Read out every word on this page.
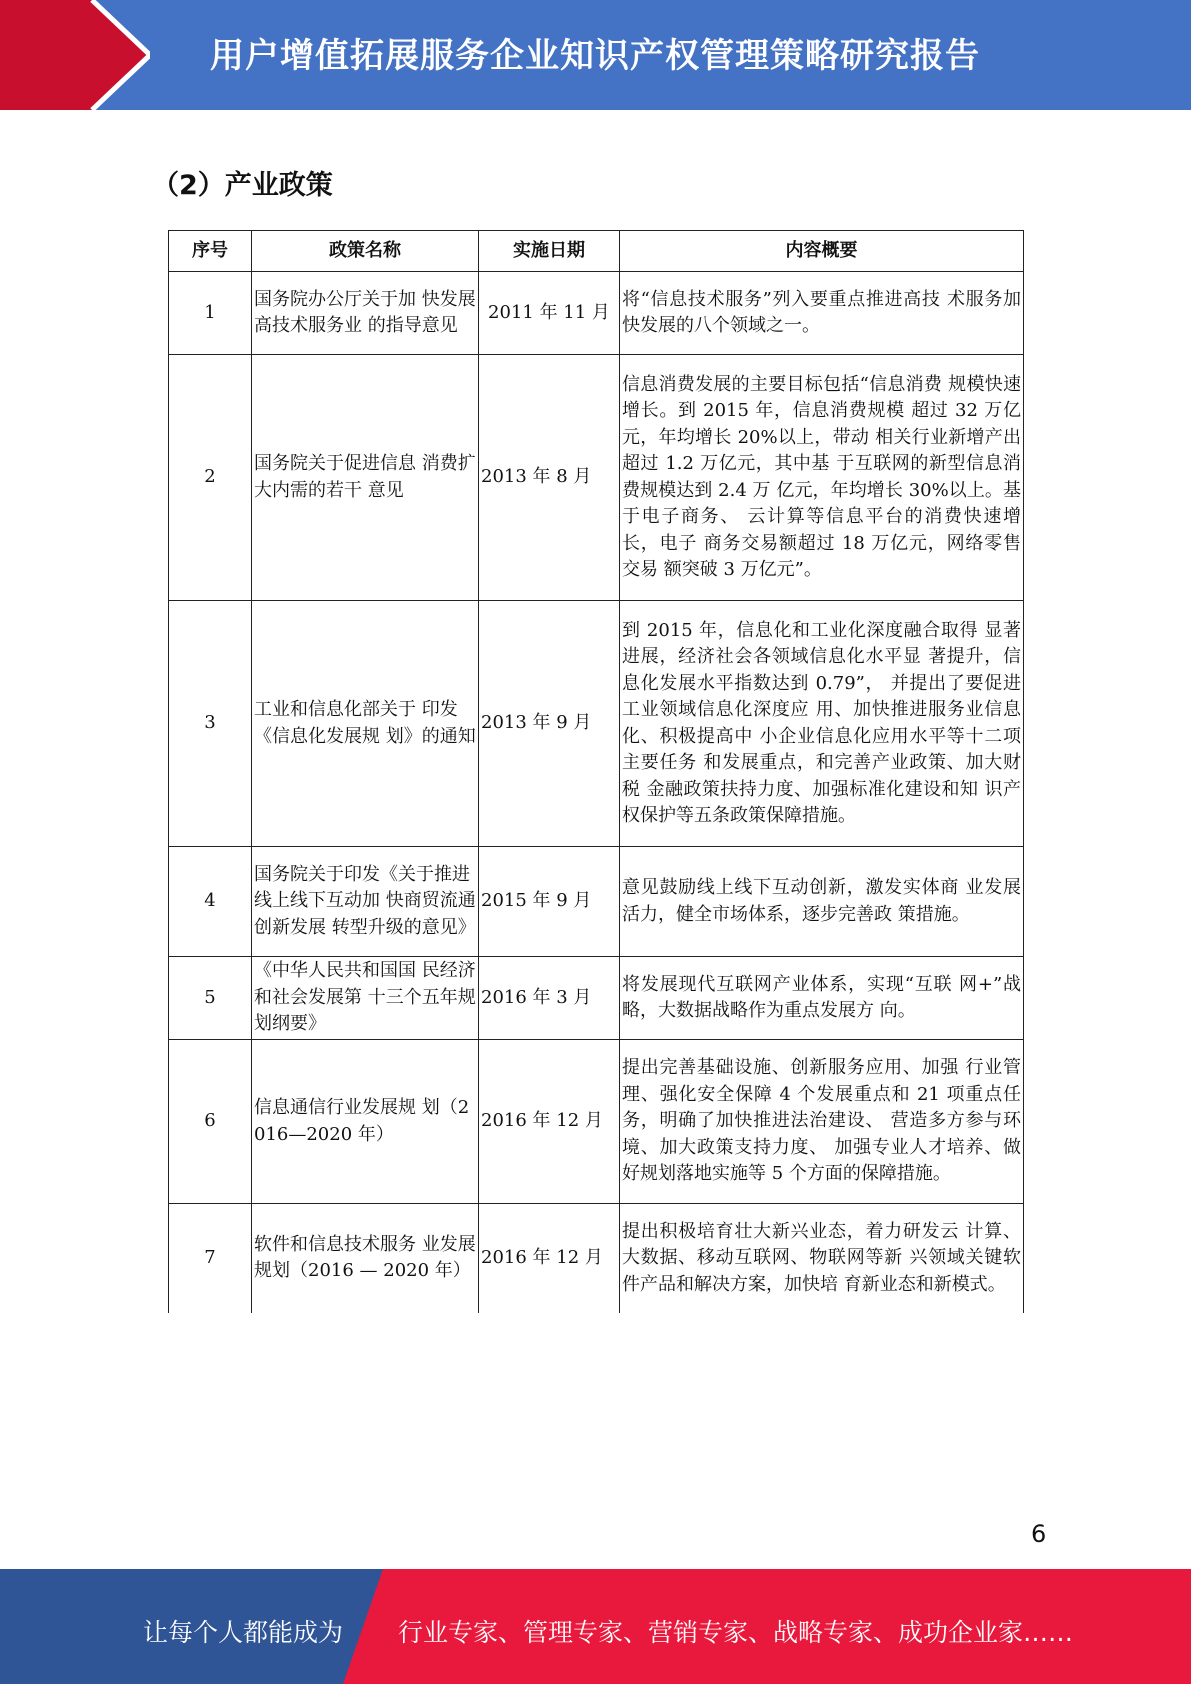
用户增值拓展服务企业知识产权管理策略研究报告
（2）产业政策
序号	政策名称	实施日期	内容概要
1	国务院办公厅关于加 快发展高技术服务业 的指导意见	2011 年 11 月	将“信息技术服务”列入要重点推进高技 术服务加快发展的八个领域之一。
2	国务院关于促进信息 消费扩大内需的若干 意见	2013 年 8 月	信息消费发展的主要目标包括“信息消费 规模快速增长。到 2015 年，信息消费规模 超过 32 万亿元，年均增长 20%以上，带动 相关行业新增产出超过 1.2 万亿元，其中基 于互联网的新型信息消费规模达到 2.4 万 亿元，年均增长 30%以上。基于电子商务、 云计算等信息平台的消费快速增长，电子 商务交易额超过 18 万亿元，网络零售交易 额突破 3 万亿元”。
3	工业和信息化部关于 印发《信息化发展规 划》的通知	2013 年 9 月	到 2015 年，信息化和工业化深度融合取得 显著进展，经济社会各领域信息化水平显 著提升，信息化发展水平指数达到 0.79”， 并提出了要促进工业领域信息化深度应 用、加快推进服务业信息化、积极提高中 小企业信息化应用水平等十二项主要任务 和发展重点，和完善产业政策、加大财税 金融政策扶持力度、加强标准化建设和知 识产权保护等五条政策保障措施。
4	国务院关于印发《关于推进线上线下互动加 快商贸流通创新发展 转型升级的意见》	2015 年 9 月	意见鼓励线上线下互动创新，激发实体商 业发展活力，健全市场体系，逐步完善政 策措施。
5	《中华人民共和国国 民经济和社会发展第 十三个五年规划纲要》	2016 年 3 月	将发展现代互联网产业体系，实现“互联 网+”战略，大数据战略作为重点发展方 向。
6	信息通信行业发展规 划（2016—2020 年）	2016 年 12 月	提出完善基础设施、创新服务应用、加强 行业管理、强化安全保障 4 个发展重点和 21 项重点任务，明确了加快推进法治建设、 营造多方参与环境、加大政策支持力度、 加强专业人才培养、做好规划落地实施等 5 个方面的保障措施。
7	软件和信息技术服务 业发展规划（2016 — 2020 年）	2016 年 12 月	提出积极培育壮大新兴业态，着力研发云 计算、大数据、移动互联网、物联网等新 兴领域关键软件产品和解决方案，加快培 育新业态和新模式。
6
让每个人都能成为 行业专家、管理专家、营销专家、战略专家、成功企业家……
